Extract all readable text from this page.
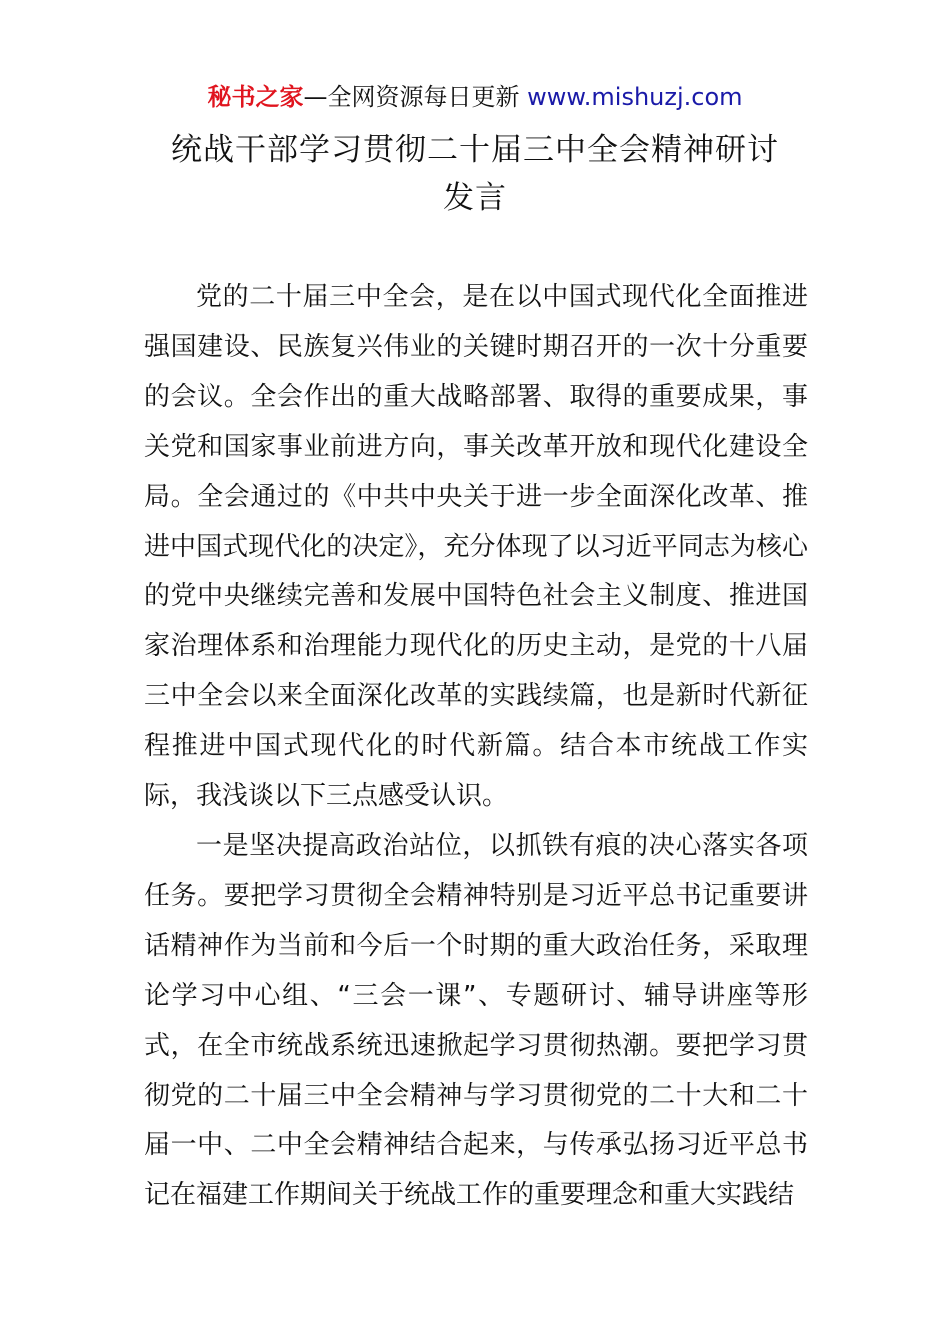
秘书之家—全网资源每日更新 www.mishuzj.com
统战干部学习贯彻二十届三中全会精神研讨
发言

党的二十届三中全会，是在以中国式现代化全面推进强国建设、民族复兴伟业的关键时期召开的一次十分重要的会议。全会作出的重大战略部署、取得的重要成果，事关党和国家事业前进方向，事关改革开放和现代化建设全局。全会通过的《中共中央关于进一步全面深化改革、推进中国式现代化的决定》，充分体现了以习近平同志为核心的党中央继续完善和发展中国特色社会主义制度、推进国家治理体系和治理能力现代化的历史主动，是党的十八届三中全会以来全面深化改革的实践续篇，也是新时代新征程推进中国式现代化的时代新篇。结合本市统战工作实际，我浅谈以下三点感受认识。

一是坚决提高政治站位，以抓铁有痕的决心落实各项任务。要把学习贯彻全会精神特别是习近平总书记重要讲话精神作为当前和今后一个时期的重大政治任务，采取理论学习中心组、“三会一课”、专题研讨、辅导讲座等形式，在全市统战系统迅速掀起学习贯彻热潮。要把学习贯彻党的二十届三中全会精神与学习贯彻党的二十大和二十届一中、二中全会精神结合起来，与传承弘扬习近平总书记在福建工作期间关于统战工作的重要理念和重大实践结
